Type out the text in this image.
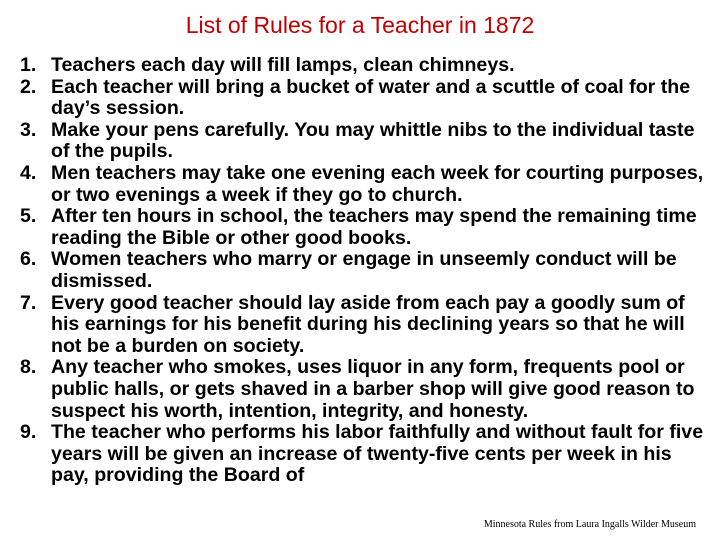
List of Rules for a Teacher in 1872
1. Teachers each day will fill lamps, clean chimneys.
2. Each teacher will bring a bucket of water and a scuttle of coal for the day’s session.
3. Make your pens carefully. You may whittle nibs to the individual taste of the pupils.
4. Men teachers may take one evening each week for courting purposes, or two evenings a week if they go to church.
5. After ten hours in school, the teachers may spend the remaining time reading the Bible or other good books.
6. Women teachers who marry or engage in unseemly conduct will be dismissed.
7. Every good teacher should lay aside from each pay a goodly sum of his earnings for his benefit during his declining years so that he will not be a burden on society.
8. Any teacher who smokes, uses liquor in any form, frequents pool or public halls, or gets shaved in a barber shop will give good reason to suspect his worth, intention, integrity, and honesty.
9. The teacher who performs his labor faithfully and without fault for five years will be given an increase of twenty-five cents per week in his pay, providing the Board of
Minnesota Rules from Laura Ingalls Wilder Museum
